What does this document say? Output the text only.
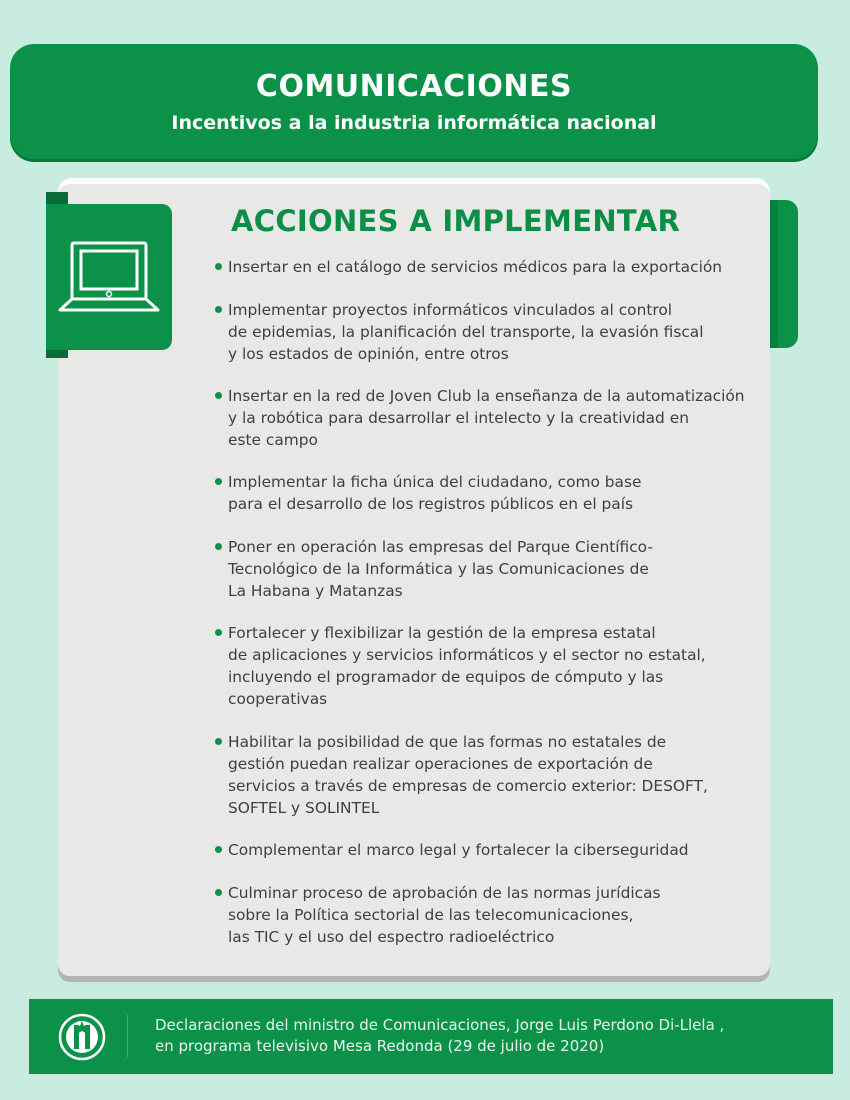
COMUNICACIONES
Incentivos a la industria informática nacional
ACCIONES A IMPLEMENTAR
Insertar en el catálogo de servicios médicos para la exportación
Implementar proyectos informáticos vinculados al control
de epidemias, la planificación del transporte, la evasión fiscal
y los estados de opinión, entre otros
Insertar en la red de Joven Club la enseñanza de la automatización
y la robótica para desarrollar el intelecto y la creatividad en
este campo
Implementar la ficha única del ciudadano, como base
para el desarrollo de los registros públicos en el país
Poner en operación las empresas del Parque Científico-
Tecnológico de la Informática y las Comunicaciones de
La Habana y Matanzas
Fortalecer y flexibilizar la gestión de la empresa estatal
de aplicaciones y servicios informáticos y el sector no estatal,
incluyendo el programador de equipos de cómputo y las
cooperativas
Habilitar la posibilidad de que las formas no estatales de
gestión puedan realizar operaciones de exportación de
servicios a través de empresas de comercio exterior: DESOFT,
SOFTEL y SOLINTEL
Complementar el marco legal y fortalecer la ciberseguridad
Culminar proceso de aprobación de las normas jurídicas
sobre la Política sectorial de las telecomunicaciones,
las TIC y el uso del espectro radioeléctrico
Declaraciones del ministro de Comunicaciones, Jorge Luis Perdono Di-Llela ,
en programa televisivo Mesa Redonda (29 de julio de 2020)
